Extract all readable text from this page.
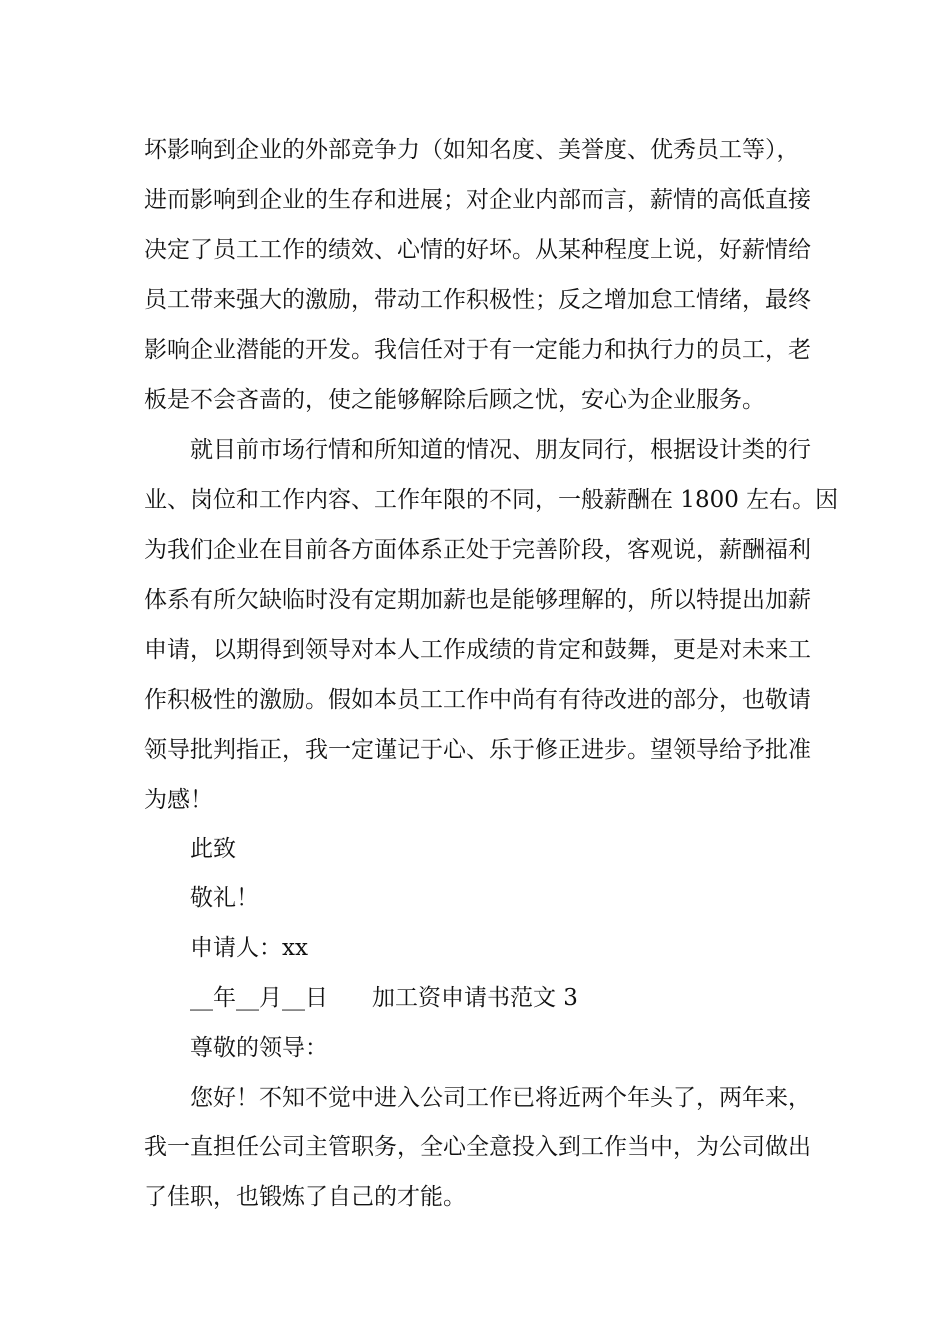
坏影响到企业的外部竞争力（如知名度、美誉度、优秀员工等），
进而影响到企业的生存和进展；对企业内部而言，薪情的高低直接
决定了员工工作的绩效、心情的好坏。从某种程度上说，好薪情给
员工带来强大的激励，带动工作积极性；反之增加怠工情绪，最终
影响企业潜能的开发。我信任对于有一定能力和执行力的员工，老
板是不会吝啬的，使之能够解除后顾之忧，安心为企业服务。
就目前市场行情和所知道的情况、朋友同行，根据设计类的行
业、岗位和工作内容、工作年限的不同，一般薪酬在 1800 左右。因
为我们企业在目前各方面体系正处于完善阶段，客观说，薪酬福利
体系有所欠缺临时没有定期加薪也是能够理解的，所以特提出加薪
申请，以期得到领导对本人工作成绩的肯定和鼓舞，更是对未来工
作积极性的激励。假如本员工工作中尚有有待改进的部分，也敬请
领导批判指正，我一定谨记于心、乐于修正进步。望领导给予批准
为感！
此致
敬礼！
申请人：xx
__年__月__日 加工资申请书范文 3
尊敬的领导：
您好！不知不觉中进入公司工作已将近两个年头了，两年来，
我一直担任公司主管职务，全心全意投入到工作当中，为公司做出
了佳职，也锻炼了自己的才能。
